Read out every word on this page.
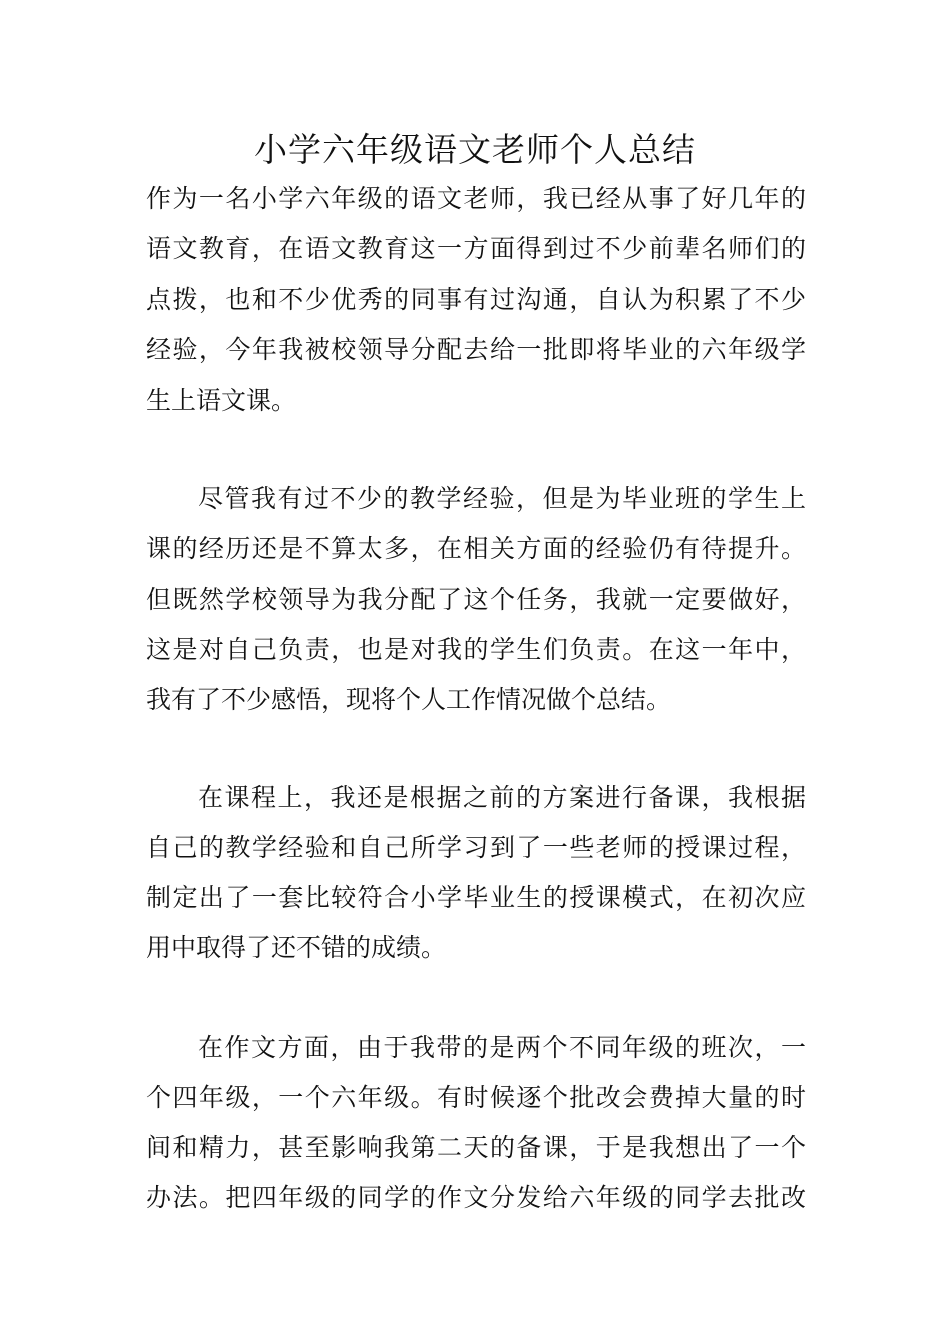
小学六年级语文老师个人总结
作为一名小学六年级的语文老师，我已经从事了好几年的
语文教育，在语文教育这一方面得到过不少前辈名师们的
点拨，也和不少优秀的同事有过沟通，自认为积累了不少
经验，今年我被校领导分配去给一批即将毕业的六年级学
生上语文课。
尽管我有过不少的教学经验，但是为毕业班的学生上
课的经历还是不算太多，在相关方面的经验仍有待提升。
但既然学校领导为我分配了这个任务，我就一定要做好，
这是对自己负责，也是对我的学生们负责。在这一年中，
我有了不少感悟，现将个人工作情况做个总结。
在课程上，我还是根据之前的方案进行备课，我根据
自己的教学经验和自己所学习到了一些老师的授课过程，
制定出了一套比较符合小学毕业生的授课模式，在初次应
用中取得了还不错的成绩。
在作文方面，由于我带的是两个不同年级的班次，一
个四年级，一个六年级。有时候逐个批改会费掉大量的时
间和精力，甚至影响我第二天的备课，于是我想出了一个
办法。把四年级的同学的作文分发给六年级的同学去批改
